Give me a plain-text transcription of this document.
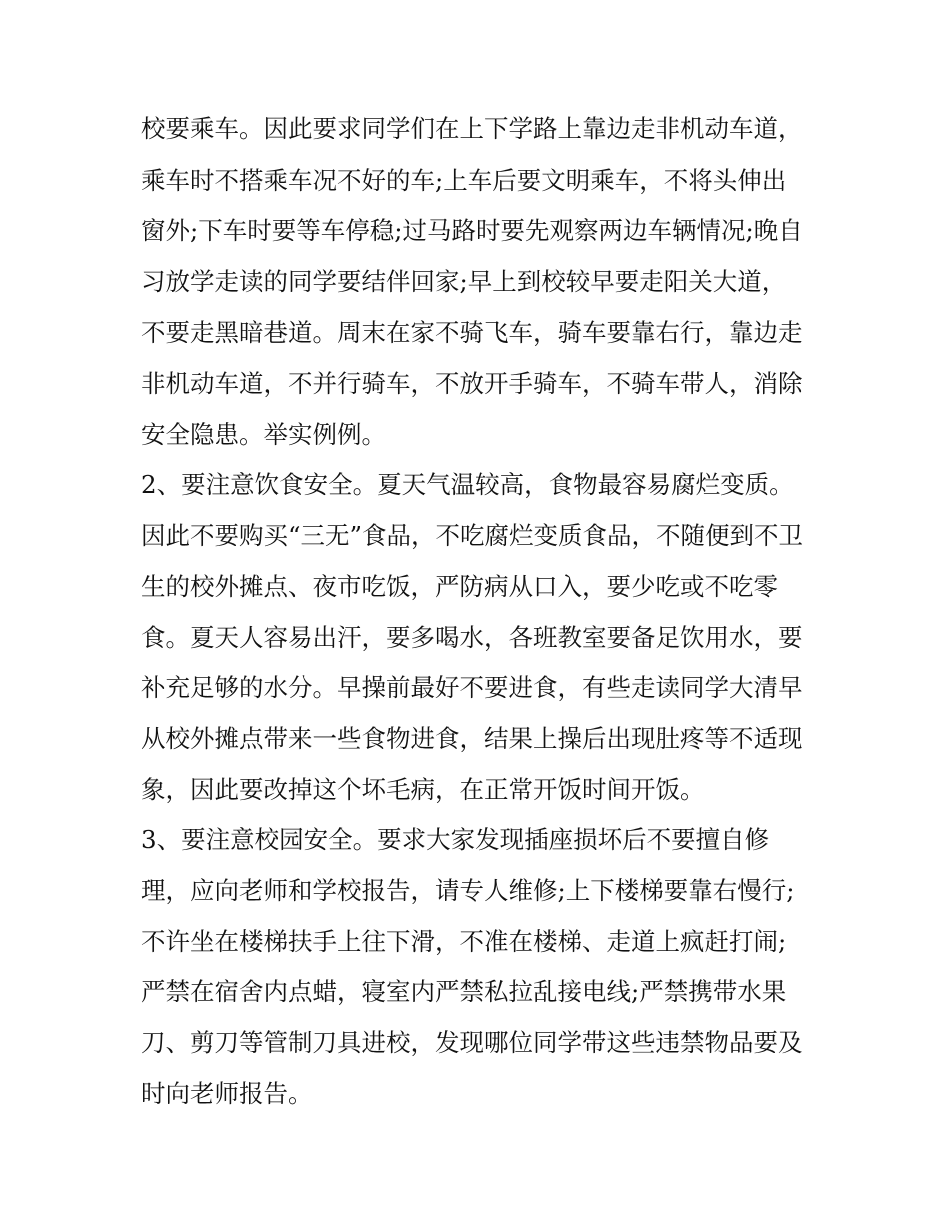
校要乘车。因此要求同学们在上下学路上靠边走非机动车道，
乘车时不搭乘车况不好的车;上车后要文明乘车，不将头伸出
窗外;下车时要等车停稳;过马路时要先观察两边车辆情况;晚自
习放学走读的同学要结伴回家;早上到校较早要走阳关大道，
不要走黑暗巷道。周末在家不骑飞车，骑车要靠右行，靠边走
非机动车道，不并行骑车，不放开手骑车，不骑车带人，消除
安全隐患。举实例例。
2、要注意饮食安全。夏天气温较高，食物最容易腐烂变质。
因此不要购买“三无”食品，不吃腐烂变质食品，不随便到不卫
生的校外摊点、夜市吃饭，严防病从口入，要少吃或不吃零
食。夏天人容易出汗，要多喝水，各班教室要备足饮用水，要
补充足够的水分。早操前最好不要进食，有些走读同学大清早
从校外摊点带来一些食物进食，结果上操后出现肚疼等不适现
象，因此要改掉这个坏毛病，在正常开饭时间开饭。
3、要注意校园安全。要求大家发现插座损坏后不要擅自修
理，应向老师和学校报告，请专人维修;上下楼梯要靠右慢行;
不许坐在楼梯扶手上往下滑，不准在楼梯、走道上疯赶打闹;
严禁在宿舍内点蜡，寝室内严禁私拉乱接电线;严禁携带水果
刀、剪刀等管制刀具进校，发现哪位同学带这些违禁物品要及
时向老师报告。
